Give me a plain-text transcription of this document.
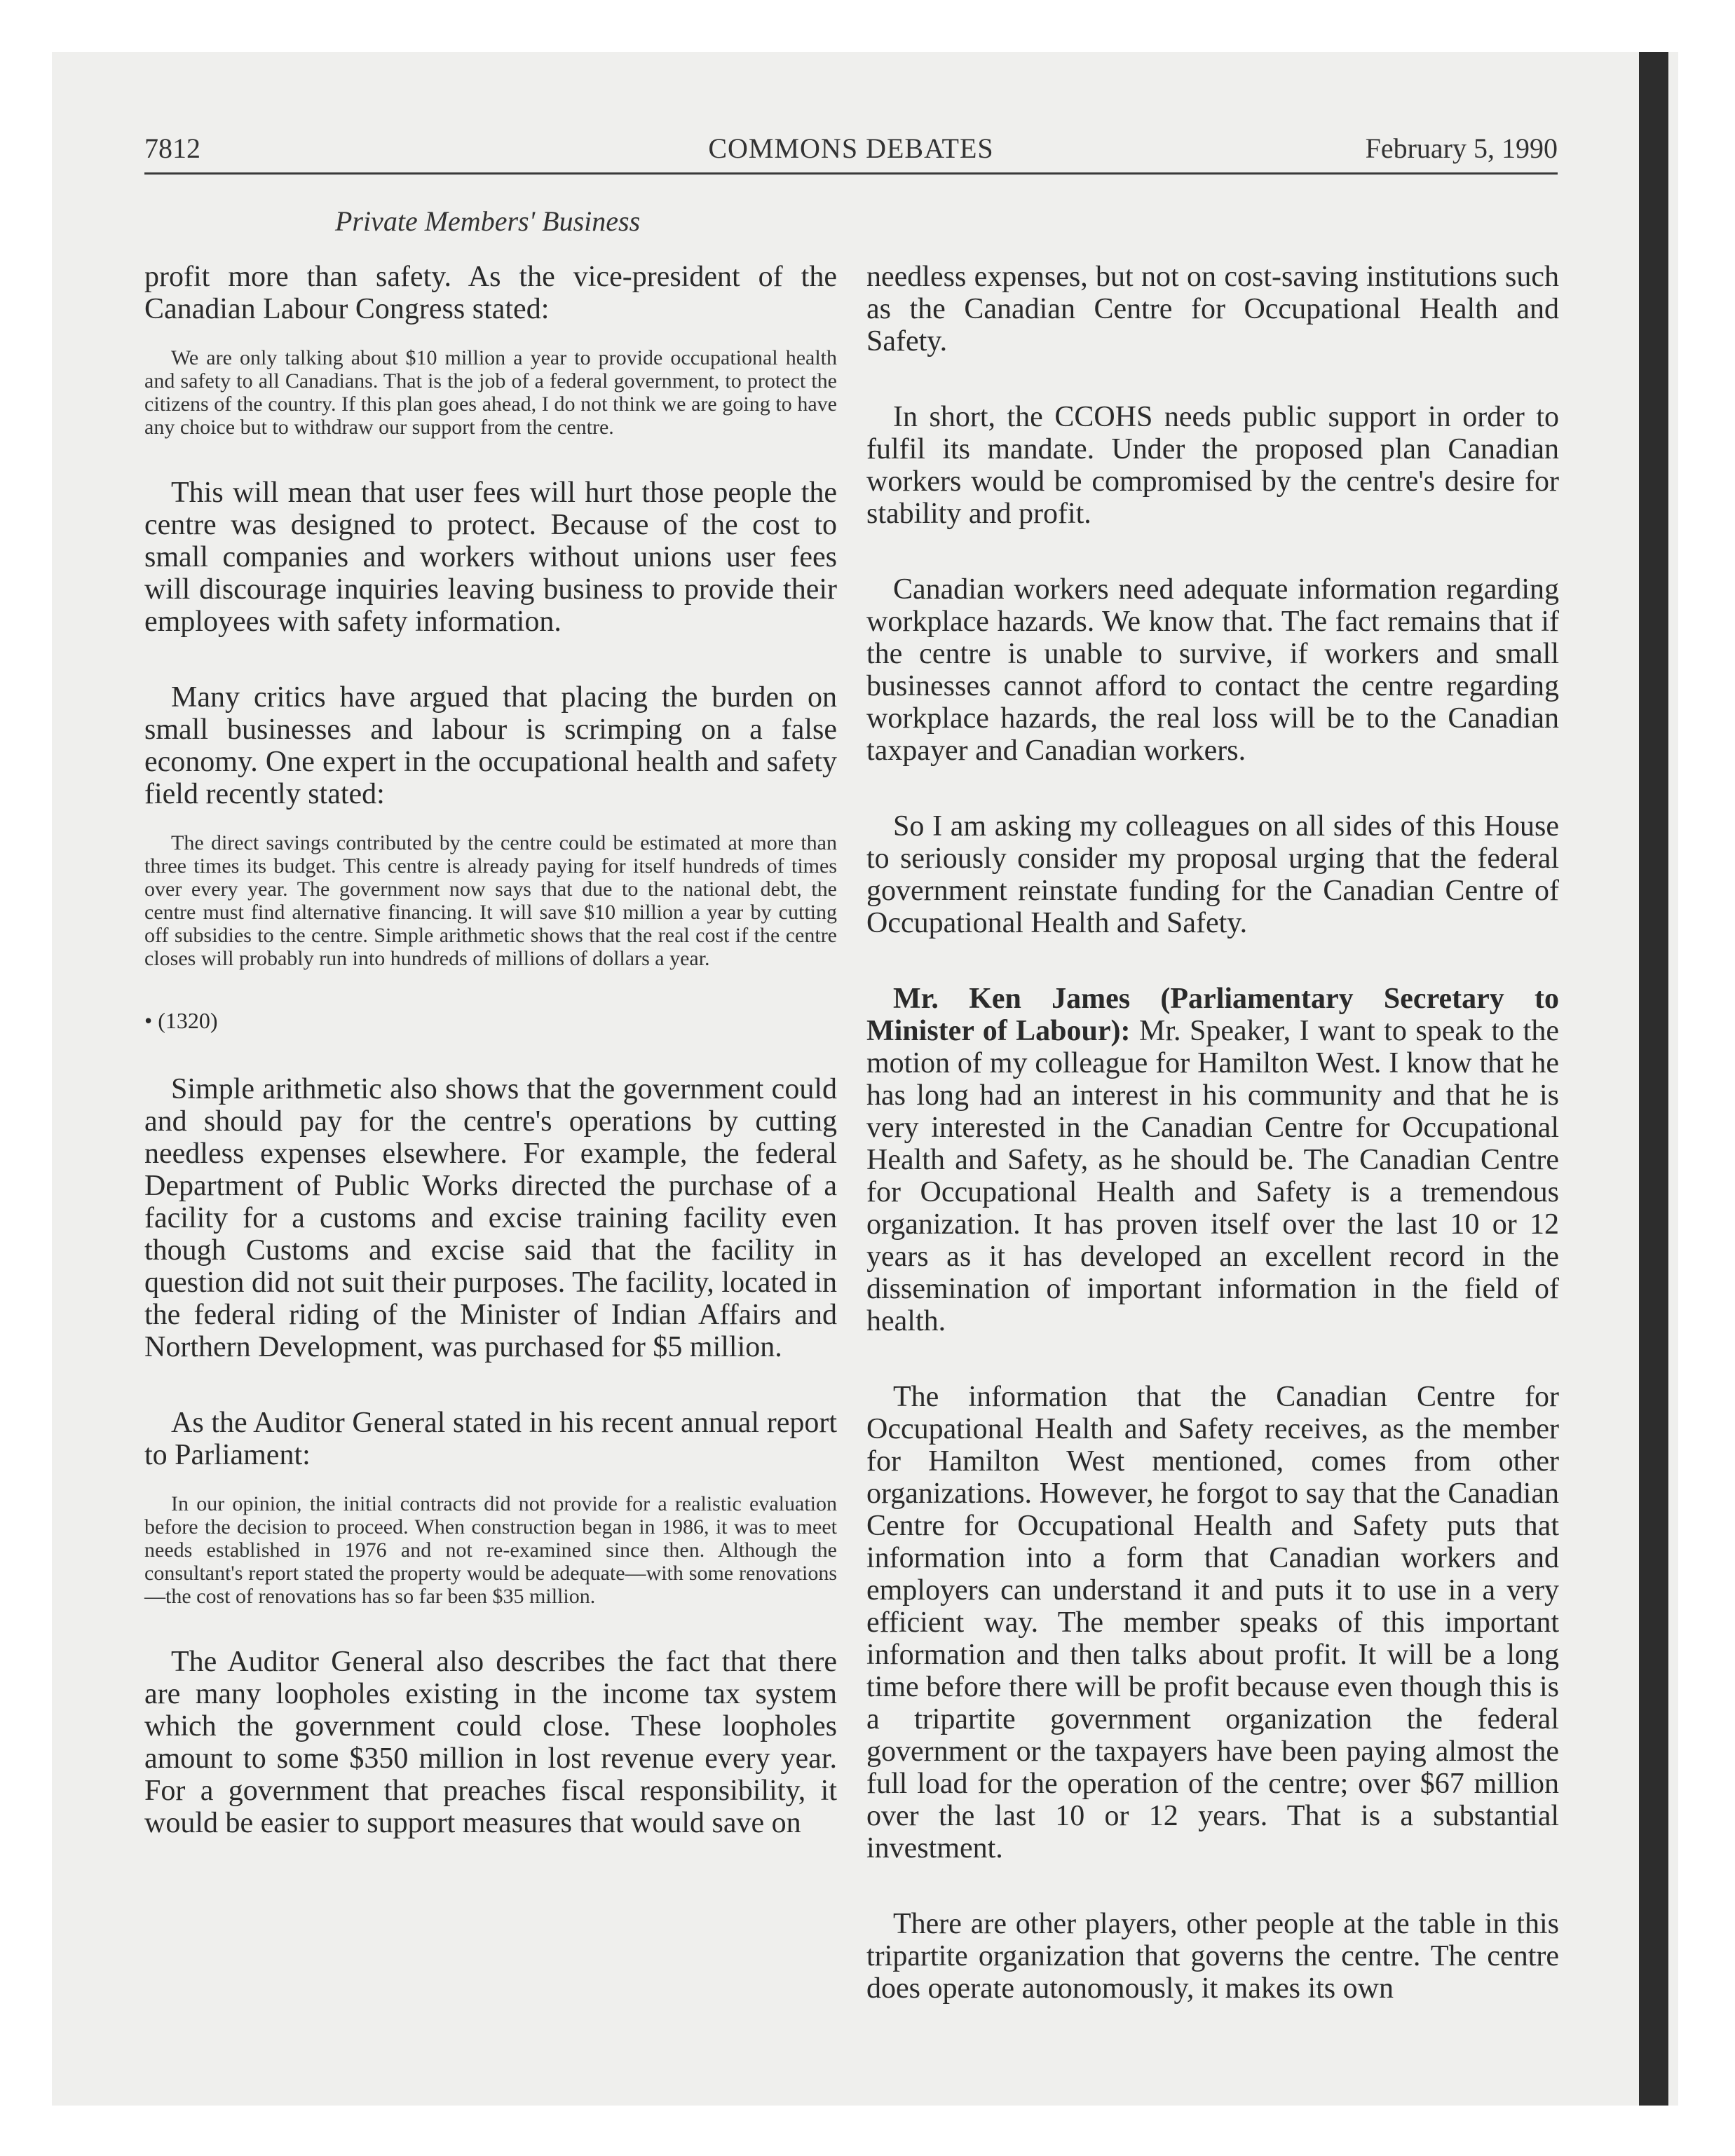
7812	COMMONS DEBATES	February 5, 1990
Private Members' Business

profit more than safety. As the vice-president of the Canadian Labour Congress stated:

We are only talking about $10 million a year to provide occupational health and safety to all Canadians. That is the job of a federal government, to protect the citizens of the country. If this plan goes ahead, I do not think we are going to have any choice but to withdraw our support from the centre.

This will mean that user fees will hurt those people the centre was designed to protect. Because of the cost to small companies and workers without unions user fees will discourage inquiries leaving business to provide their employees with safety information.

Many critics have argued that placing the burden on small businesses and labour is scrimping on a false economy. One expert in the occupational health and safety field recently stated:

The direct savings contributed by the centre could be estimated at more than three times its budget. This centre is already paying for itself hundreds of times over every year. The government now says that due to the national debt, the centre must find alternative financing. It will save $10 million a year by cutting off subsidies to the centre. Simple arithmetic shows that the real cost if the centre closes will probably run into hundreds of millions of dollars a year.

• (1320)

Simple arithmetic also shows that the government could and should pay for the centre's operations by cutting needless expenses elsewhere. For example, the federal Department of Public Works directed the purchase of a facility for a customs and excise training facility even though Customs and excise said that the facility in question did not suit their purposes. The facility, located in the federal riding of the Minister of Indian Affairs and Northern Development, was purchased for $5 million.

As the Auditor General stated in his recent annual report to Parliament:

In our opinion, the initial contracts did not provide for a realistic evaluation before the decision to proceed. When construction began in 1986, it was to meet needs established in 1976 and not re-examined since then. Although the consultant's report stated the property would be adequate—with some renovations—the cost of renovations has so far been $35 million.

The Auditor General also describes the fact that there are many loopholes existing in the income tax system which the government could close. These loopholes amount to some $350 million in lost revenue every year. For a government that preaches fiscal responsibility, it would be easier to support measures that would save on

needless expenses, but not on cost-saving institutions such as the Canadian Centre for Occupational Health and Safety.

In short, the CCOHS needs public support in order to fulfil its mandate. Under the proposed plan Canadian workers would be compromised by the centre's desire for stability and profit.

Canadian workers need adequate information regarding workplace hazards. We know that. The fact remains that if the centre is unable to survive, if workers and small businesses cannot afford to contact the centre regarding workplace hazards, the real loss will be to the Canadian taxpayer and Canadian workers.

So I am asking my colleagues on all sides of this House to seriously consider my proposal urging that the federal government reinstate funding for the Canadian Centre of Occupational Health and Safety.

Mr. Ken James (Parliamentary Secretary to Minister of Labour): Mr. Speaker, I want to speak to the motion of my colleague for Hamilton West. I know that he has long had an interest in his community and that he is very interested in the Canadian Centre for Occupational Health and Safety, as he should be. The Canadian Centre for Occupational Health and Safety is a tremendous organization. It has proven itself over the last 10 or 12 years as it has developed an excellent record in the dissemination of important information in the field of health.

The information that the Canadian Centre for Occupational Health and Safety receives, as the member for Hamilton West mentioned, comes from other organizations. However, he forgot to say that the Canadian Centre for Occupational Health and Safety puts that information into a form that Canadian workers and employers can understand it and puts it to use in a very efficient way. The member speaks of this important information and then talks about profit. It will be a long time before there will be profit because even though this is a tripartite government organization the federal government or the taxpayers have been paying almost the full load for the operation of the centre; over $67 million over the last 10 or 12 years. That is a substantial investment.

There are other players, other people at the table in this tripartite organization that governs the centre. The centre does operate autonomously, it makes its own
